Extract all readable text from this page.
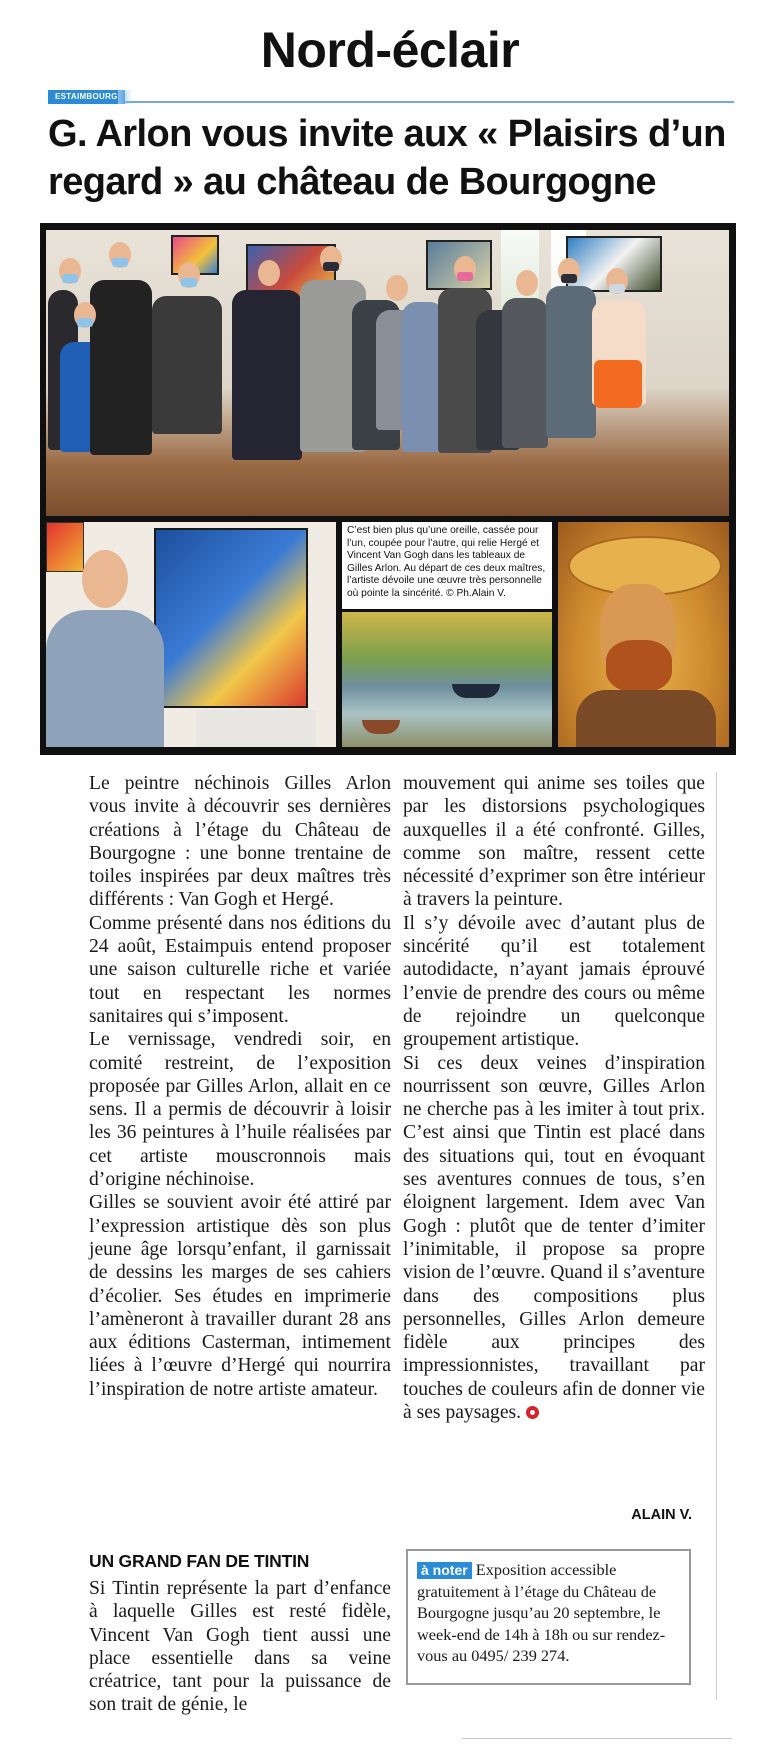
Nord-éclair
ESTAIMBOURG
G. Arlon vous invite aux « Plaisirs d’un regard » au château de Bourgogne
C’est bien plus qu’une oreille, cassée pour l’un, coupée pour l’autre, qui relie Hergé et Vincent Van Gogh dans les tableaux de Gilles Arlon. Au départ de ces deux maîtres, l’artiste dévoile une œuvre très personnelle où pointe la sincérité. © Ph.Alain V.

Le peintre néchinois Gilles Arlon vous invite à découvrir ses dernières créations à l’étage du Château de Bourgogne : une bonne trentaine de toiles inspirées par deux maîtres très différents : Van Gogh et Hergé.

Comme présenté dans nos éditions du 24 août, Estaimpuis entend proposer une saison culturelle riche et variée tout en respectant les normes sanitaires qui s’imposent.

Le vernissage, vendredi soir, en comité restreint, de l’exposition proposée par Gilles Arlon, allait en ce sens. Il a permis de découvrir à loisir les 36 peintures à l’huile réalisées par cet artiste mouscronnois mais d’origine néchinoise.

Gilles se souvient avoir été attiré par l’expression artistique dès son plus jeune âge lorsqu’enfant, il garnissait de dessins les marges de ses cahiers d’écolier. Ses études en imprimerie l’amèneront à travailler durant 28 ans aux éditions Casterman, intimement liées à l’œuvre d’Hergé qui nourrira l’inspiration de notre artiste amateur.

UN GRAND FAN DE TINTIN

Si Tintin représente la part d’enfance à laquelle Gilles est resté fidèle, Vincent Van Gogh tient aussi une place essentielle dans sa veine créatrice, tant pour la puissance de son trait de génie, le

mouvement qui anime ses toiles que par les distorsions psychologiques auxquelles il a été confronté. Gilles, comme son maître, ressent cette nécessité d’exprimer son être intérieur à travers la peinture.

Il s’y dévoile avec d’autant plus de sincérité qu’il est totalement autodidacte, n’ayant jamais éprouvé l’envie de prendre des cours ou même de rejoindre un quelconque groupement artistique.

Si ces deux veines d’inspiration nourrissent son œuvre, Gilles Arlon ne cherche pas à les imiter à tout prix. C’est ainsi que Tintin est placé dans des situations qui, tout en évoquant ses aventures connues de tous, s’en éloignent largement. Idem avec Van Gogh : plutôt que de tenter d’imiter l’inimitable, il propose sa propre vision de l’œuvre. Quand il s’aventure dans des compositions plus personnelles, Gilles Arlon demeure fidèle aux principes des impressionnistes, travaillant par touches de couleurs afin de donner vie à ses paysages.

ALAIN V.
à noter Exposition accessible gratuitement à l’étage du Château de Bourgogne jusqu’au 20 septembre, le week-end de 14h à 18h ou sur rendez-vous au 0495/ 239 274.
